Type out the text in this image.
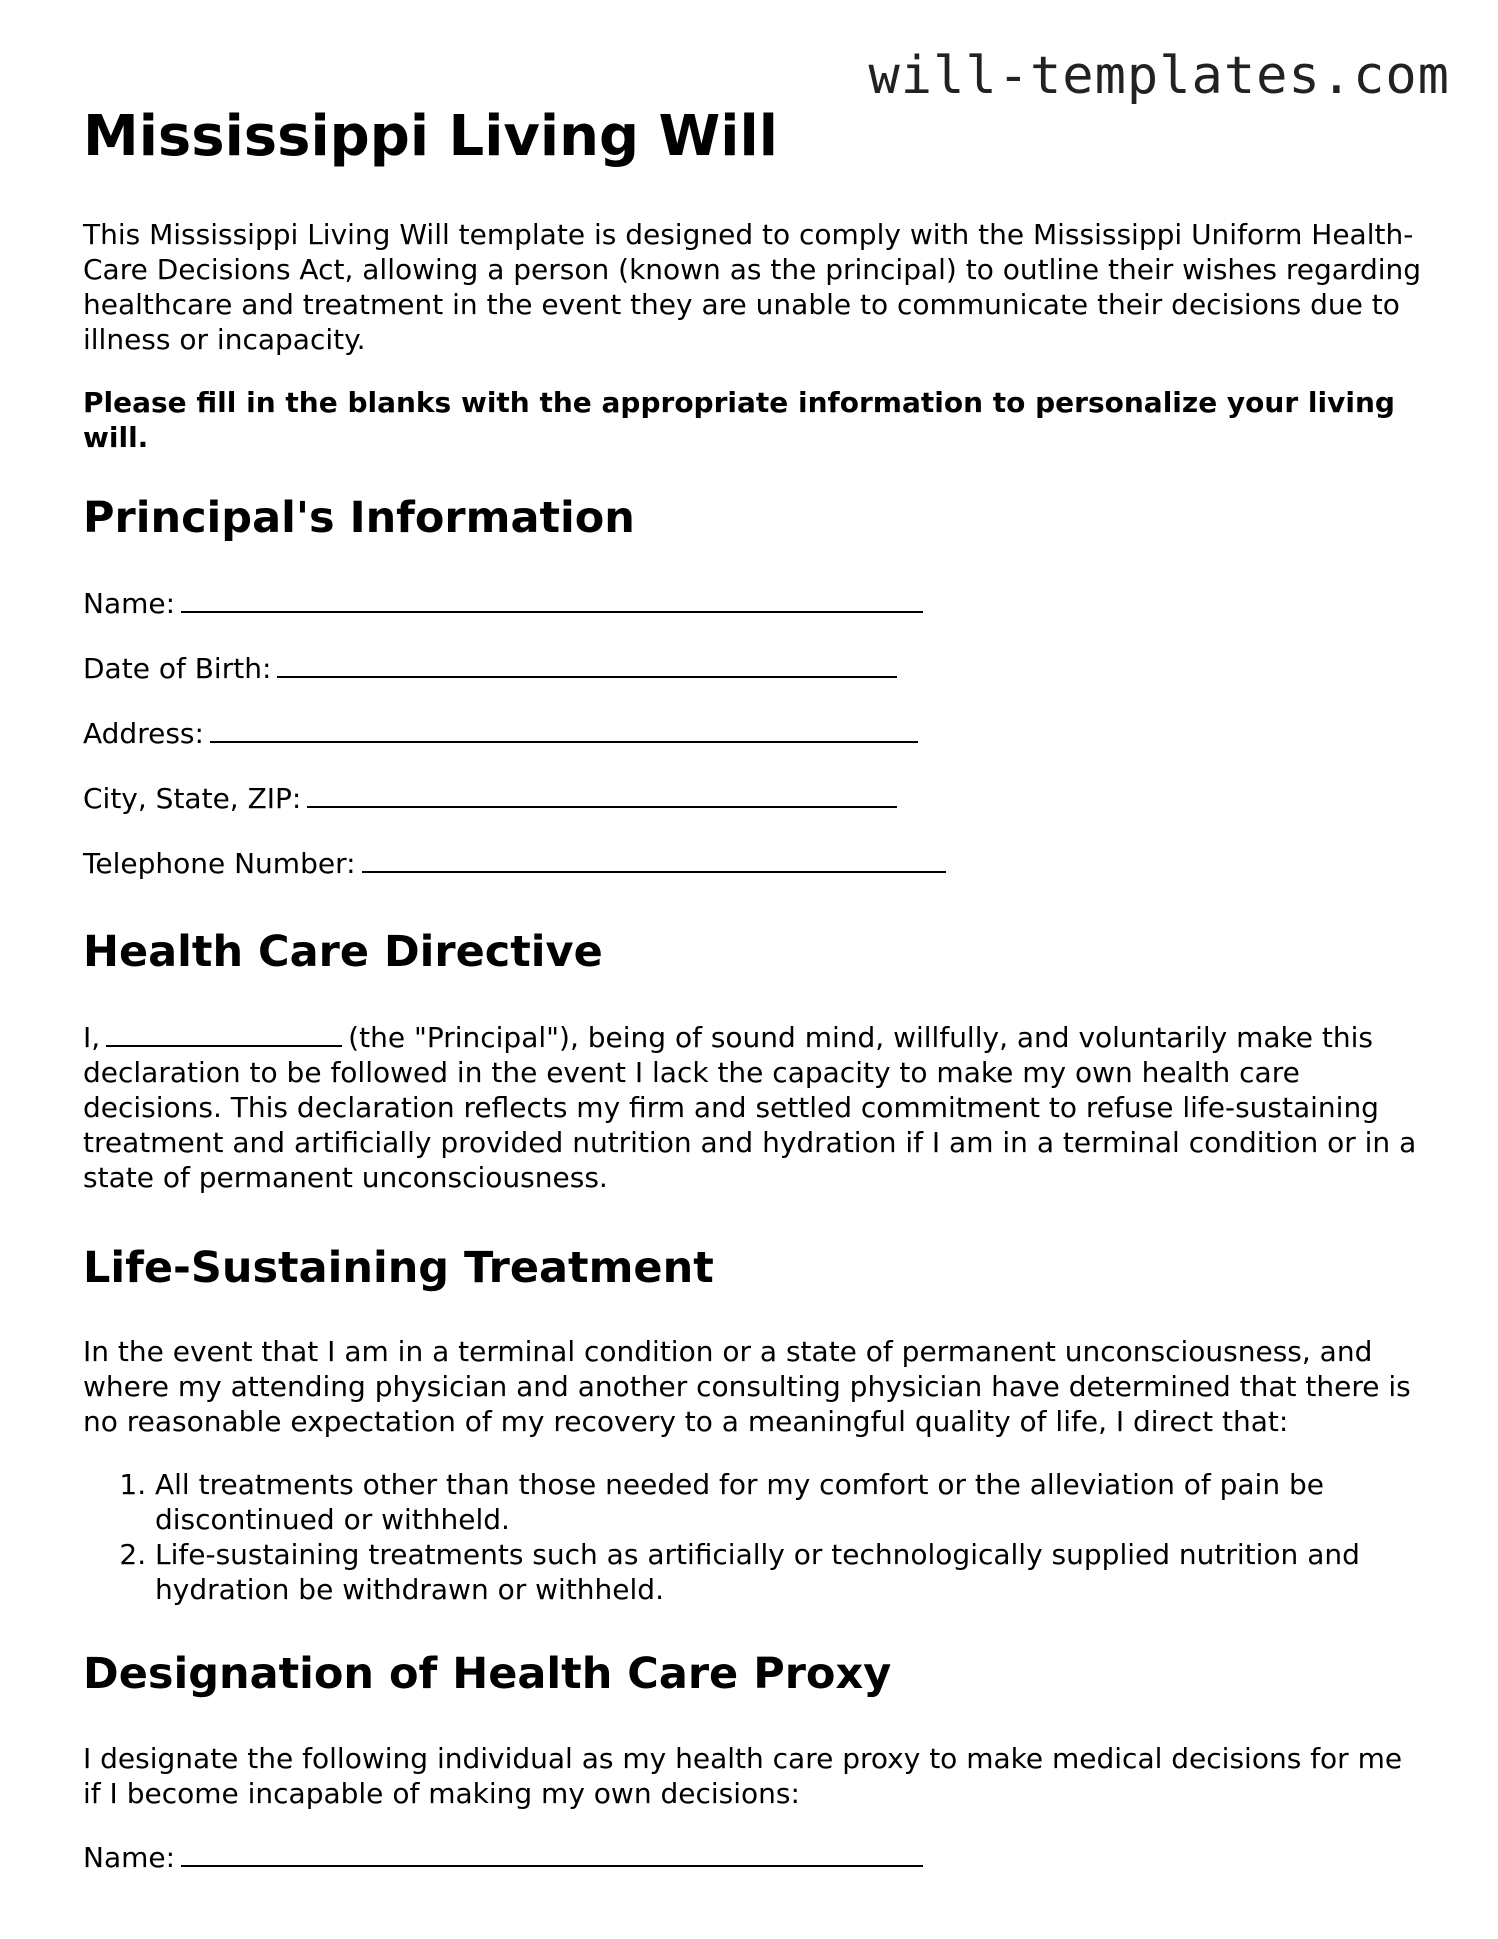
will-templates.com
Mississippi Living Will

This Mississippi Living Will template is designed to comply with the Mississippi Uniform Health-Care Decisions Act, allowing a person (known as the principal) to outline their wishes regarding healthcare and treatment in the event they are unable to communicate their decisions due to illness or incapacity.

Please fill in the blanks with the appropriate information to personalize your living will.

Principal's Information
Name:
Date of Birth:
Address:
City, State, ZIP:
Telephone Number:
Health Care Directive

I,	(the "Principal"), being of sound mind, willfully, and voluntarily make this declaration to be followed in the event I lack the capacity to make my own health care decisions. This declaration reflects my firm and settled commitment to refuse life-sustaining treatment and artificially provided nutrition and hydration if I am in a terminal condition or in a state of permanent unconsciousness.

Life-Sustaining Treatment

In the event that I am in a terminal condition or a state of permanent unconsciousness, and where my attending physician and another consulting physician have determined that there is no reasonable expectation of my recovery to a meaningful quality of life, I direct that:

1. All treatments other than those needed for my comfort or the alleviation of pain be discontinued or withheld.
2. Life-sustaining treatments such as artificially or technologically supplied nutrition and hydration be withdrawn or withheld.
Designation of Health Care Proxy

I designate the following individual as my health care proxy to make medical decisions for me if I become incapable of making my own decisions:

Name:
